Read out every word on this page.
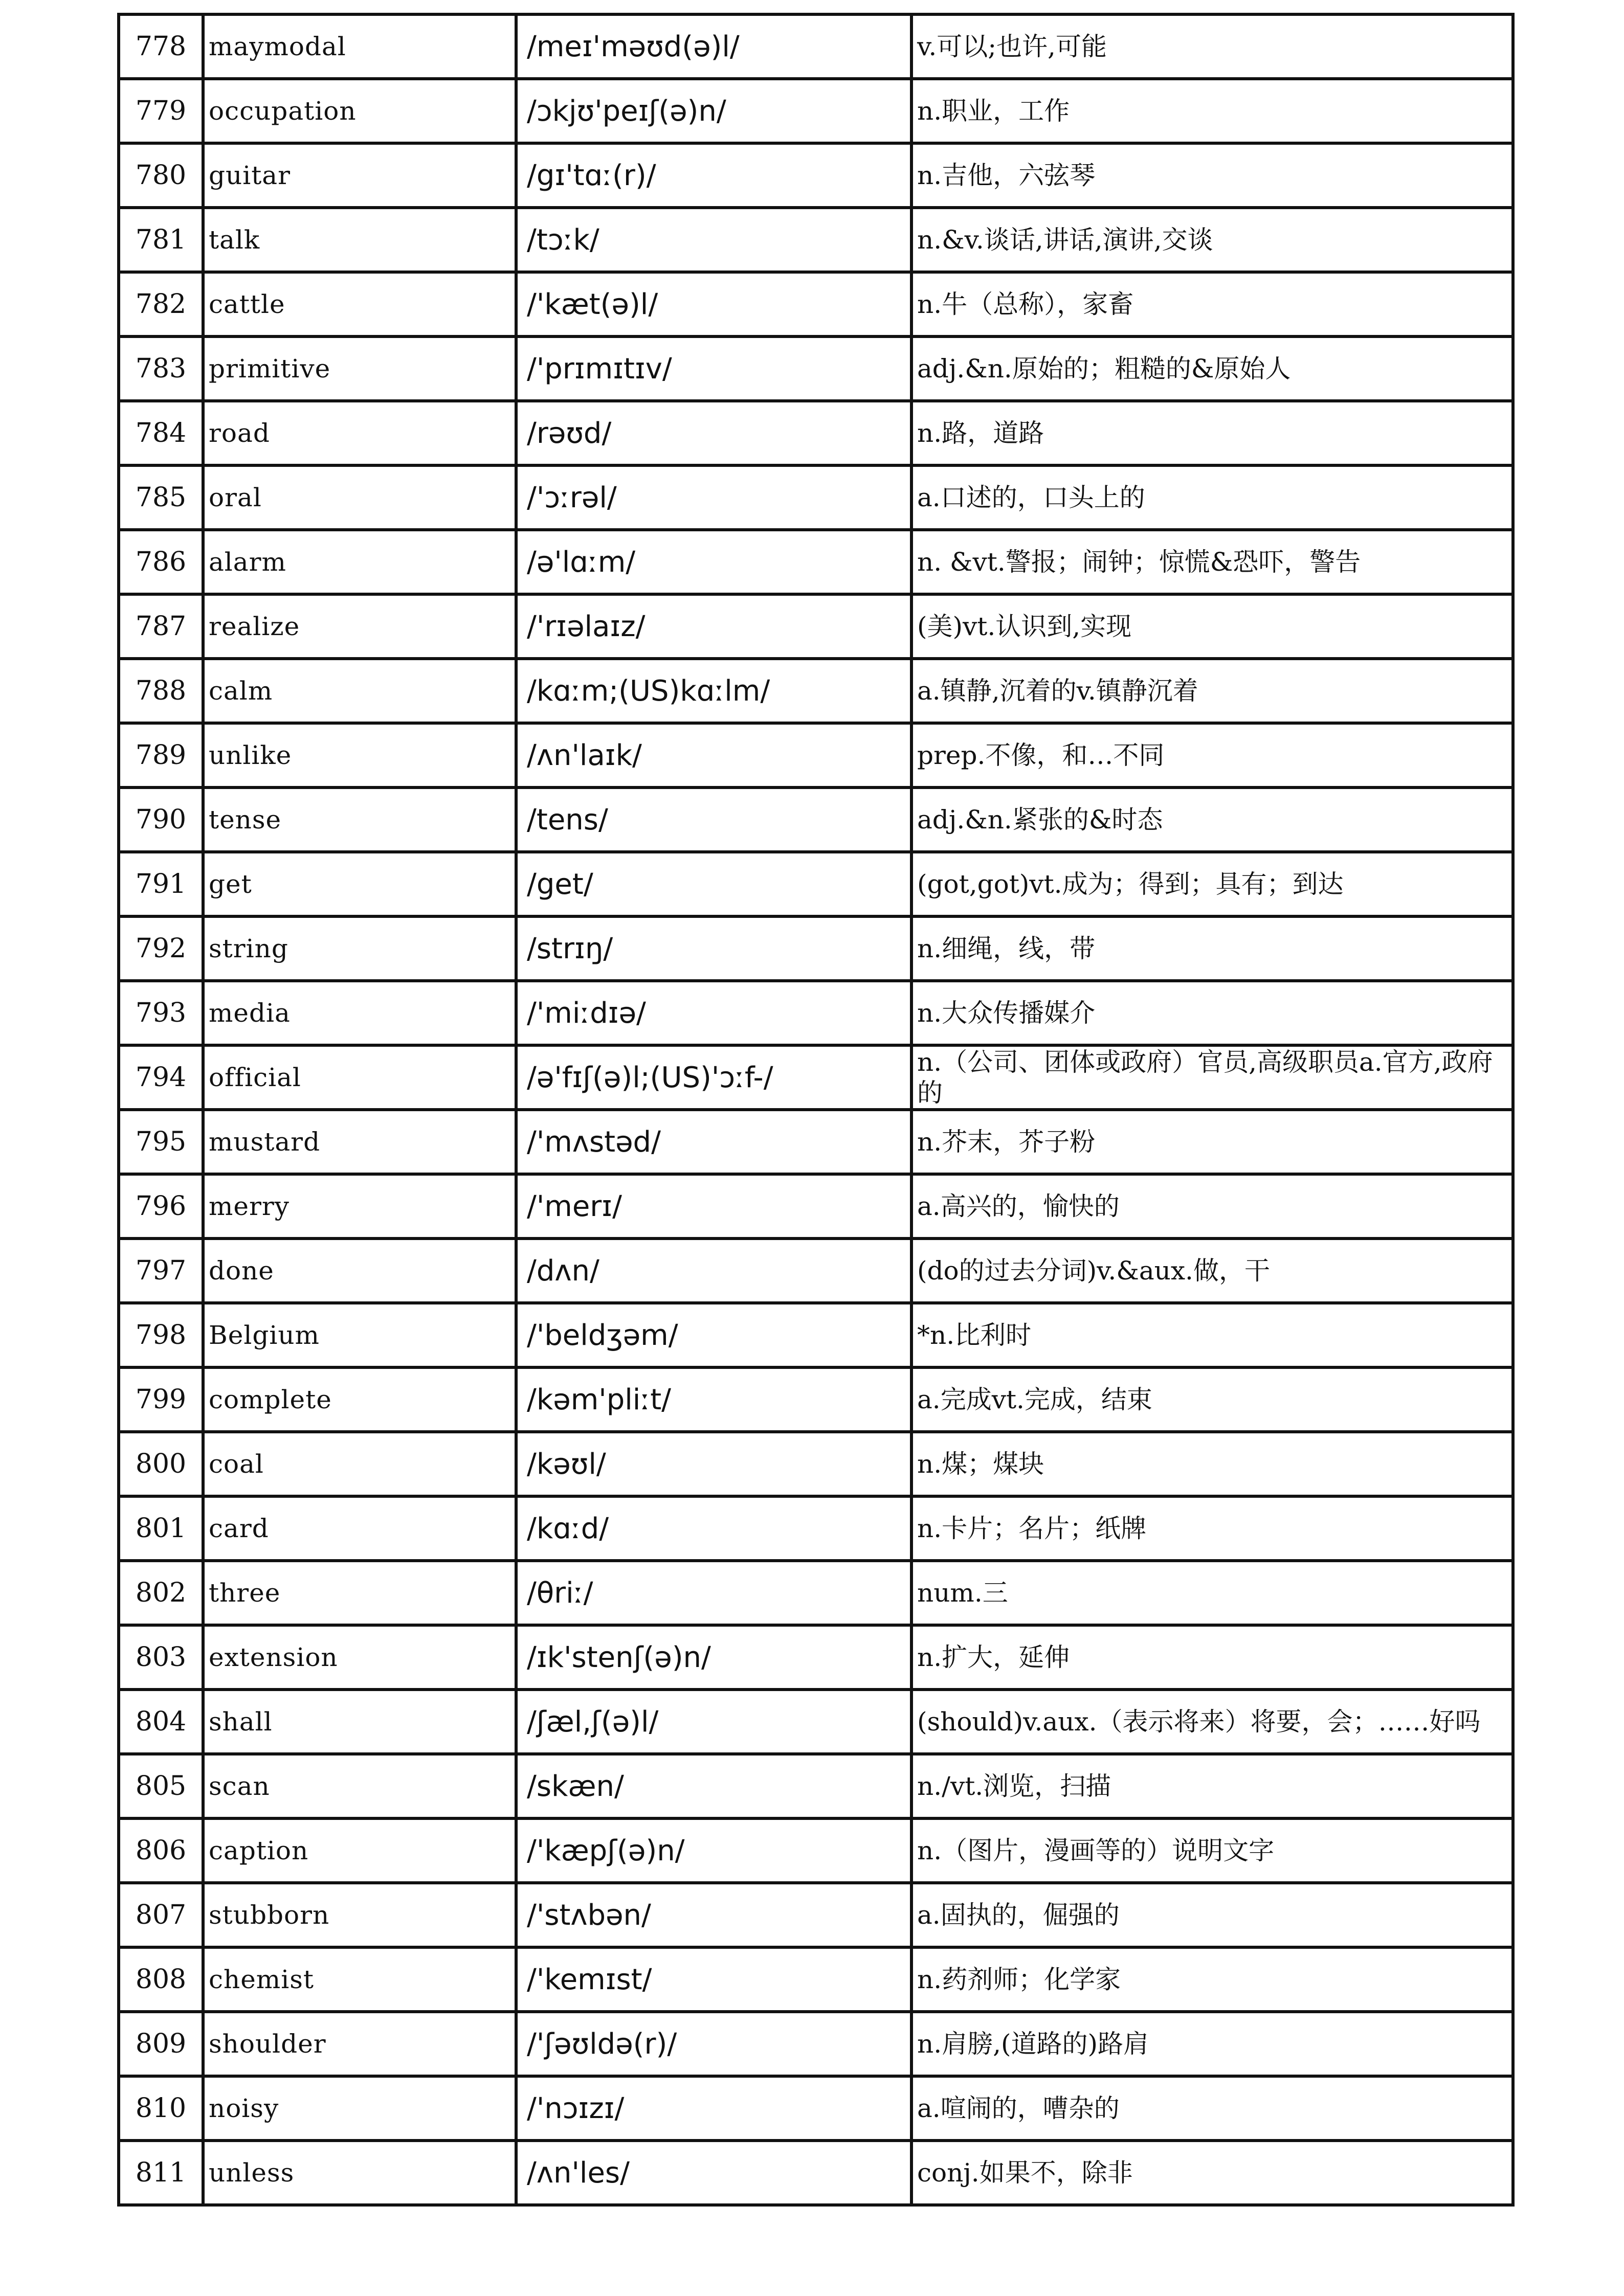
778	maymodal	/meɪ'məʊd(ə)l/	v.可以;也许,可能
779	occupation	/ɔkjʊ'peɪʃ(ə)n/	n.职业，工作
780	guitar	/gɪ'tɑː(r)/	n.吉他，六弦琴
781	talk	/tɔːk/	n.&v.谈话,讲话,演讲,交谈
782	cattle	/'kæt(ə)l/	n.牛（总称），家畜
783	primitive	/'prɪmɪtɪv/	adj.&n.原始的；粗糙的&原始人
784	road	/rəʊd/	n.路，道路
785	oral	/'ɔːrəl/	a.口述的，口头上的
786	alarm	/ə'lɑːm/	n. &vt.警报；闹钟；惊慌&恐吓，警告
787	realize	/'rɪəlaɪz/	(美)vt.认识到,实现
788	calm	/kɑːm;(US)kɑːlm/	a.镇静,沉着的v.镇静沉着
789	unlike	/ʌn'laɪk/	prep.不像，和…不同
790	tense	/tens/	adj.&n.紧张的&时态
791	get	/get/	(got,got)vt.成为；得到；具有；到达
792	string	/strɪŋ/	n.细绳，线，带
793	media	/'miːdɪə/	n.大众传播媒介
794	official	/ə'fɪʃ(ə)l;(US)'ɔːf-/	n.（公司、团体或政府）官员,高级职员a.官方,政府的
795	mustard	/'mʌstəd/	n.芥末，芥子粉
796	merry	/'merɪ/	a.高兴的，愉快的
797	done	/dʌn/	(do的过去分词)v.&aux.做，干
798	Belgium	/'beldʒəm/	*n.比利时
799	complete	/kəm'pliːt/	a.完成vt.完成，结束
800	coal	/kəʊl/	n.煤；煤块
801	card	/kɑːd/	n.卡片；名片；纸牌
802	three	/θriː/	num.三
803	extension	/ɪk'stenʃ(ə)n/	n.扩大，延伸
804	shall	/ʃæl,ʃ(ə)l/	(should)v.aux.（表示将来）将要，会；……好吗
805	scan	/skæn/	n./vt.浏览，扫描
806	caption	/'kæpʃ(ə)n/	n.（图片，漫画等的）说明文字
807	stubborn	/'stʌbən/	a.固执的，倔强的
808	chemist	/'kemɪst/	n.药剂师；化学家
809	shoulder	/'ʃəʊldə(r)/	n.肩膀,(道路的)路肩
810	noisy	/'nɔɪzɪ/	a.喧闹的，嘈杂的
811	unless	/ʌn'les/	conj.如果不，除非
